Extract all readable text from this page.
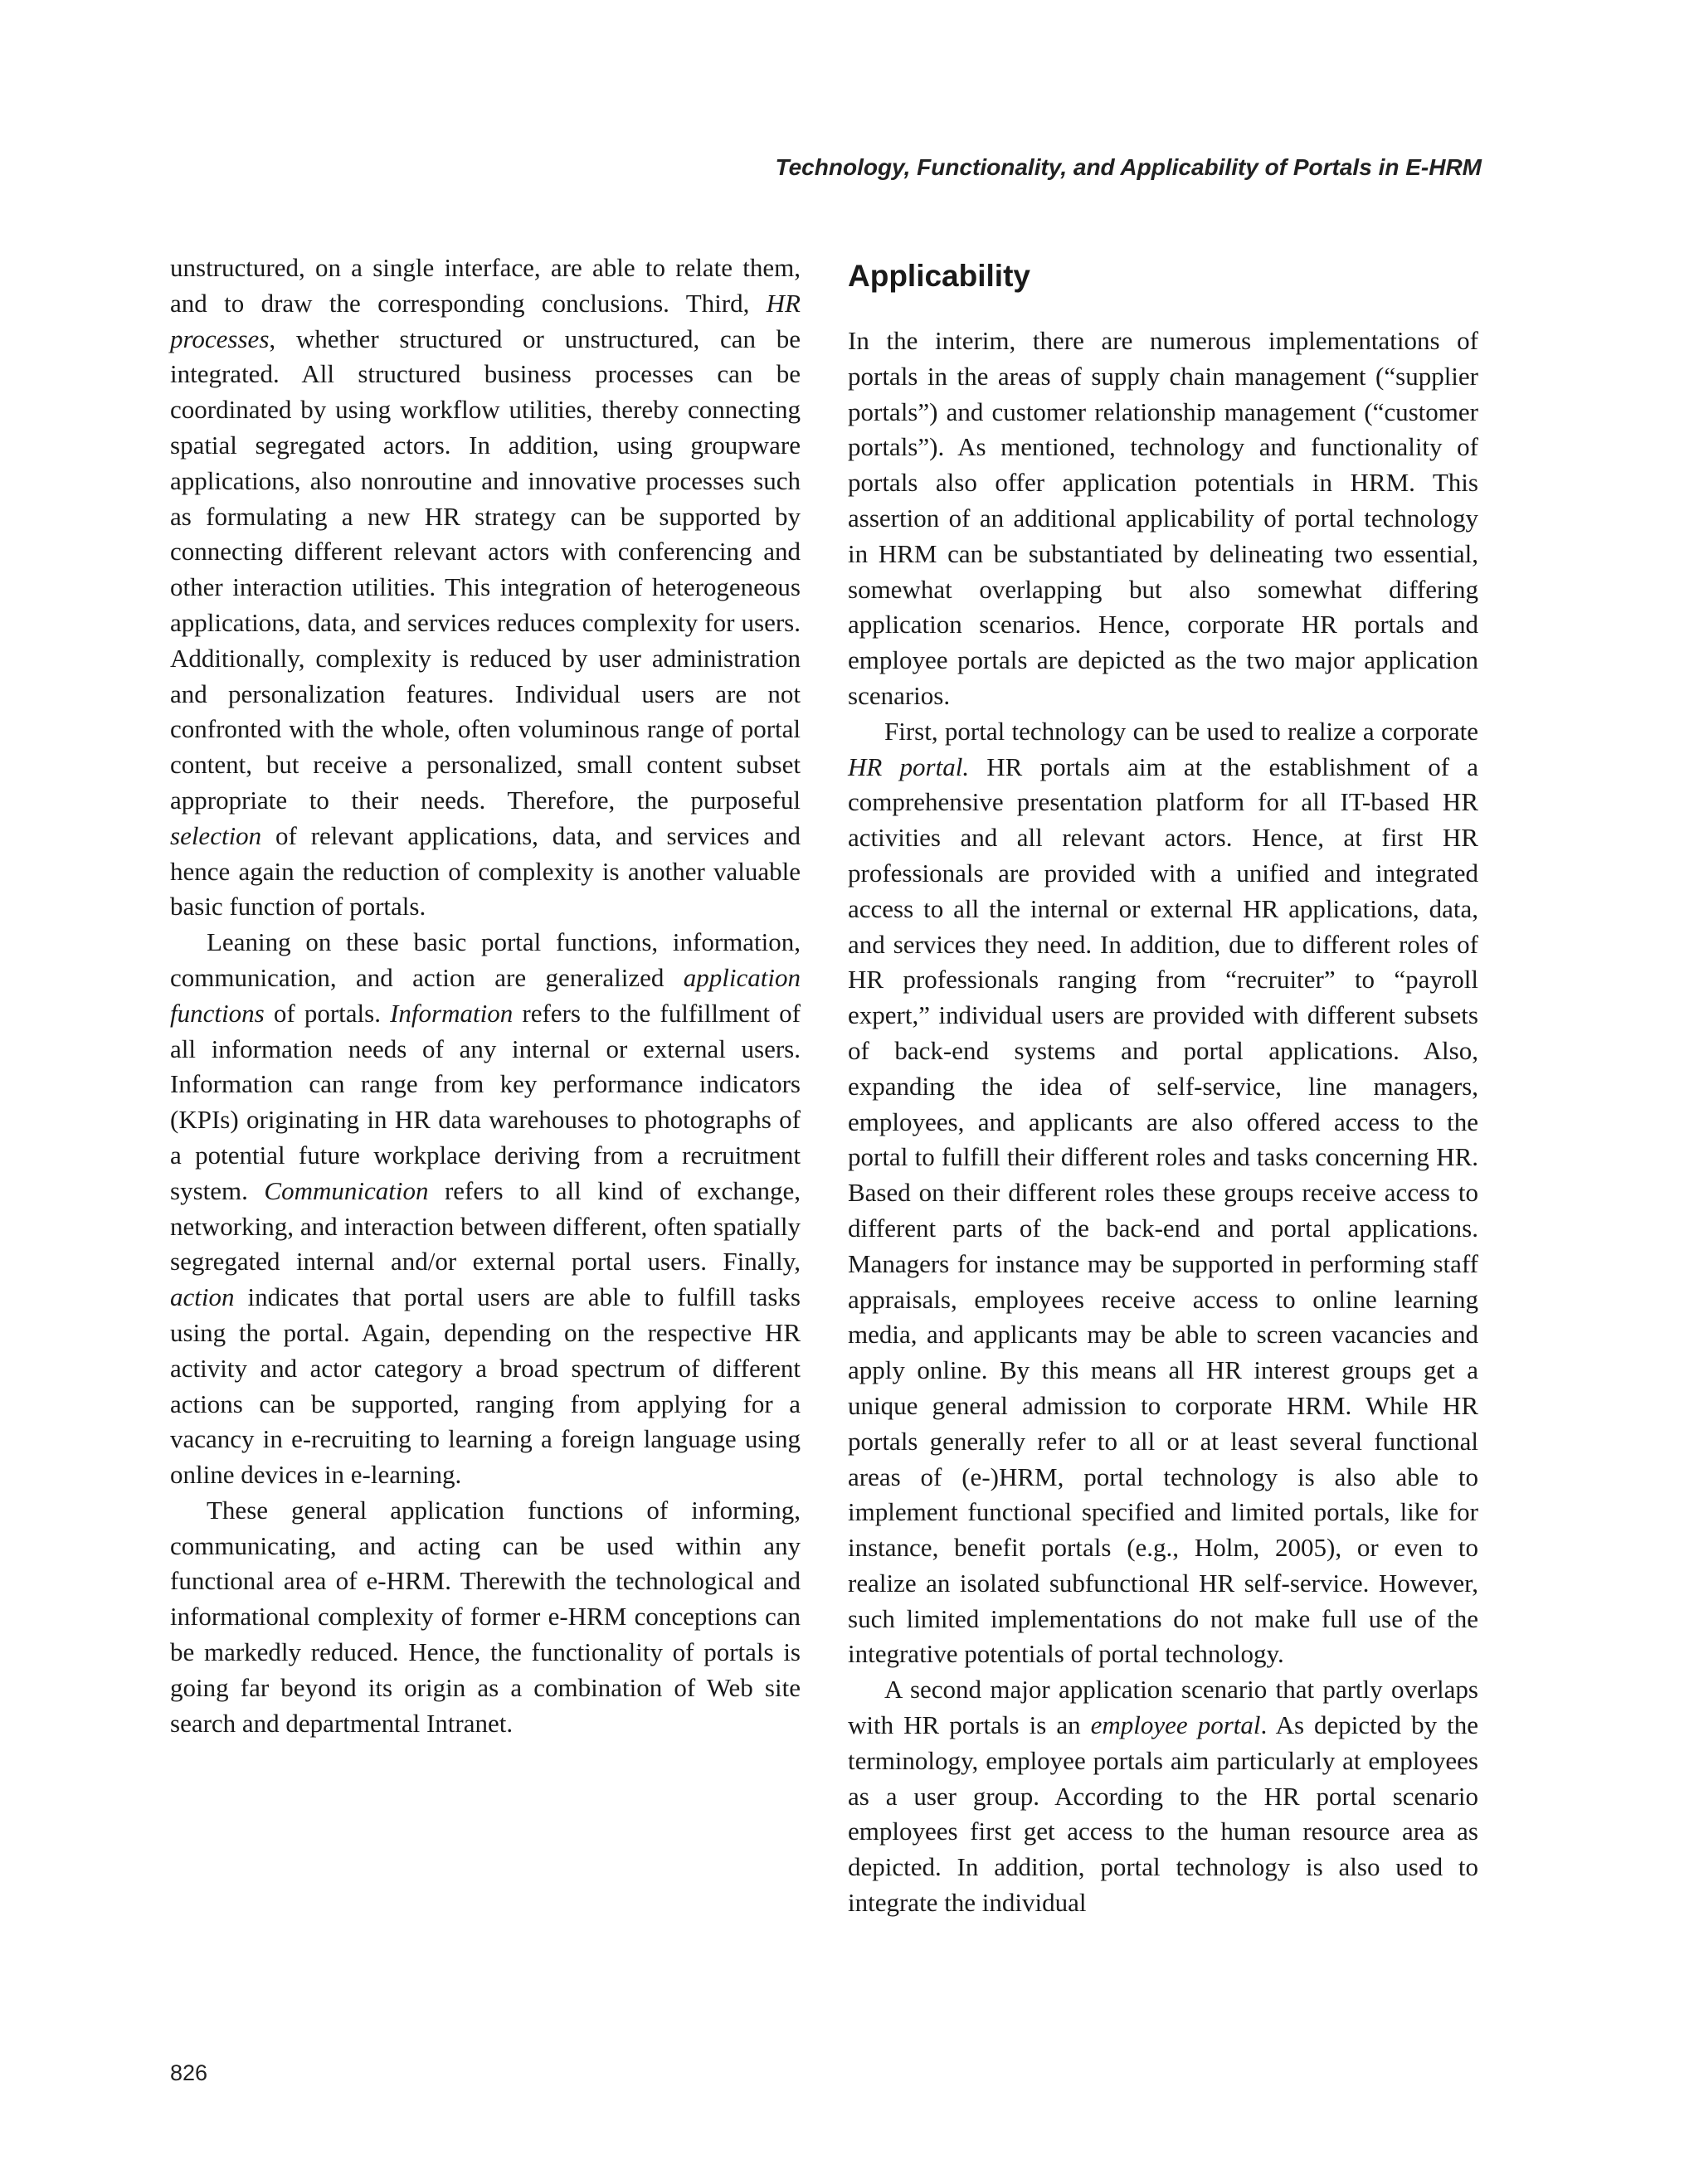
Technology, Functionality, and Applicability of Portals in E-HRM

unstructured, on a single interface, are able to relate them, and to draw the corresponding conclusions. Third, HR processes, whether structured or unstructured, can be integrated. All structured business processes can be coordinated by using workflow utilities, thereby connecting spatial segregated actors. In addition, using groupware applications, also nonroutine and innovative processes such as formulating a new HR strategy can be supported by connecting different relevant actors with conferencing and other interaction utilities. This integration of heterogeneous applications, data, and services reduces complexity for users. Additionally, complexity is reduced by user administration and personalization features. Individual users are not confronted with the whole, often voluminous range of portal content, but receive a personalized, small content subset appropriate to their needs. Therefore, the purposeful selection of relevant applications, data, and services and hence again the reduction of complexity is another valuable basic function of portals.

Leaning on these basic portal functions, information, communication, and action are generalized application functions of portals. Information refers to the fulfillment of all information needs of any internal or external users. Information can range from key performance indicators (KPIs) originating in HR data warehouses to photographs of a potential future workplace deriving from a recruitment system. Communication refers to all kind of exchange, networking, and interaction between different, often spatially segregated internal and/or external portal users. Finally, action indicates that portal users are able to fulfill tasks using the portal. Again, depending on the respective HR activity and actor category a broad spectrum of different actions can be supported, ranging from applying for a vacancy in e-recruiting to learning a foreign language using online devices in e-learning.

These general application functions of informing, communicating, and acting can be used within any functional area of e-HRM. Therewith the technological and informational complexity of former e-HRM conceptions can be markedly reduced. Hence, the functionality of portals is going far beyond its origin as a combination of Web site search and departmental Intranet.

Applicability

In the interim, there are numerous implementations of portals in the areas of supply chain management (“supplier portals”) and customer relationship management (“customer portals”). As mentioned, technology and functionality of portals also offer application potentials in HRM. This assertion of an additional applicability of portal technology in HRM can be substantiated by delineating two essential, somewhat overlapping but also somewhat differing application scenarios. Hence, corporate HR portals and employee portals are depicted as the two major application scenarios.

First, portal technology can be used to realize a corporate HR portal. HR portals aim at the establishment of a comprehensive presentation platform for all IT-based HR activities and all relevant actors. Hence, at first HR professionals are provided with a unified and integrated access to all the internal or external HR applications, data, and services they need. In addition, due to different roles of HR professionals ranging from “recruiter” to “payroll expert,” individual users are provided with different subsets of back-end systems and portal applications. Also, expanding the idea of self-service, line managers, employees, and applicants are also offered access to the portal to fulfill their different roles and tasks concerning HR. Based on their different roles these groups receive access to different parts of the back-end and portal applications. Managers for instance may be supported in performing staff appraisals, employees receive access to online learning media, and applicants may be able to screen vacancies and apply online. By this means all HR interest groups get a unique general admission to corporate HRM. While HR portals generally refer to all or at least several functional areas of (e-)HRM, portal technology is also able to implement functional specified and limited portals, like for instance, benefit portals (e.g., Holm, 2005), or even to realize an isolated subfunctional HR self-service. However, such limited implementations do not make full use of the integrative potentials of portal technology.

A second major application scenario that partly overlaps with HR portals is an employee portal. As depicted by the terminology, employee portals aim particularly at employees as a user group. According to the HR portal scenario employees first get access to the human resource area as depicted. In addition, portal technology is also used to integrate the individual

826
